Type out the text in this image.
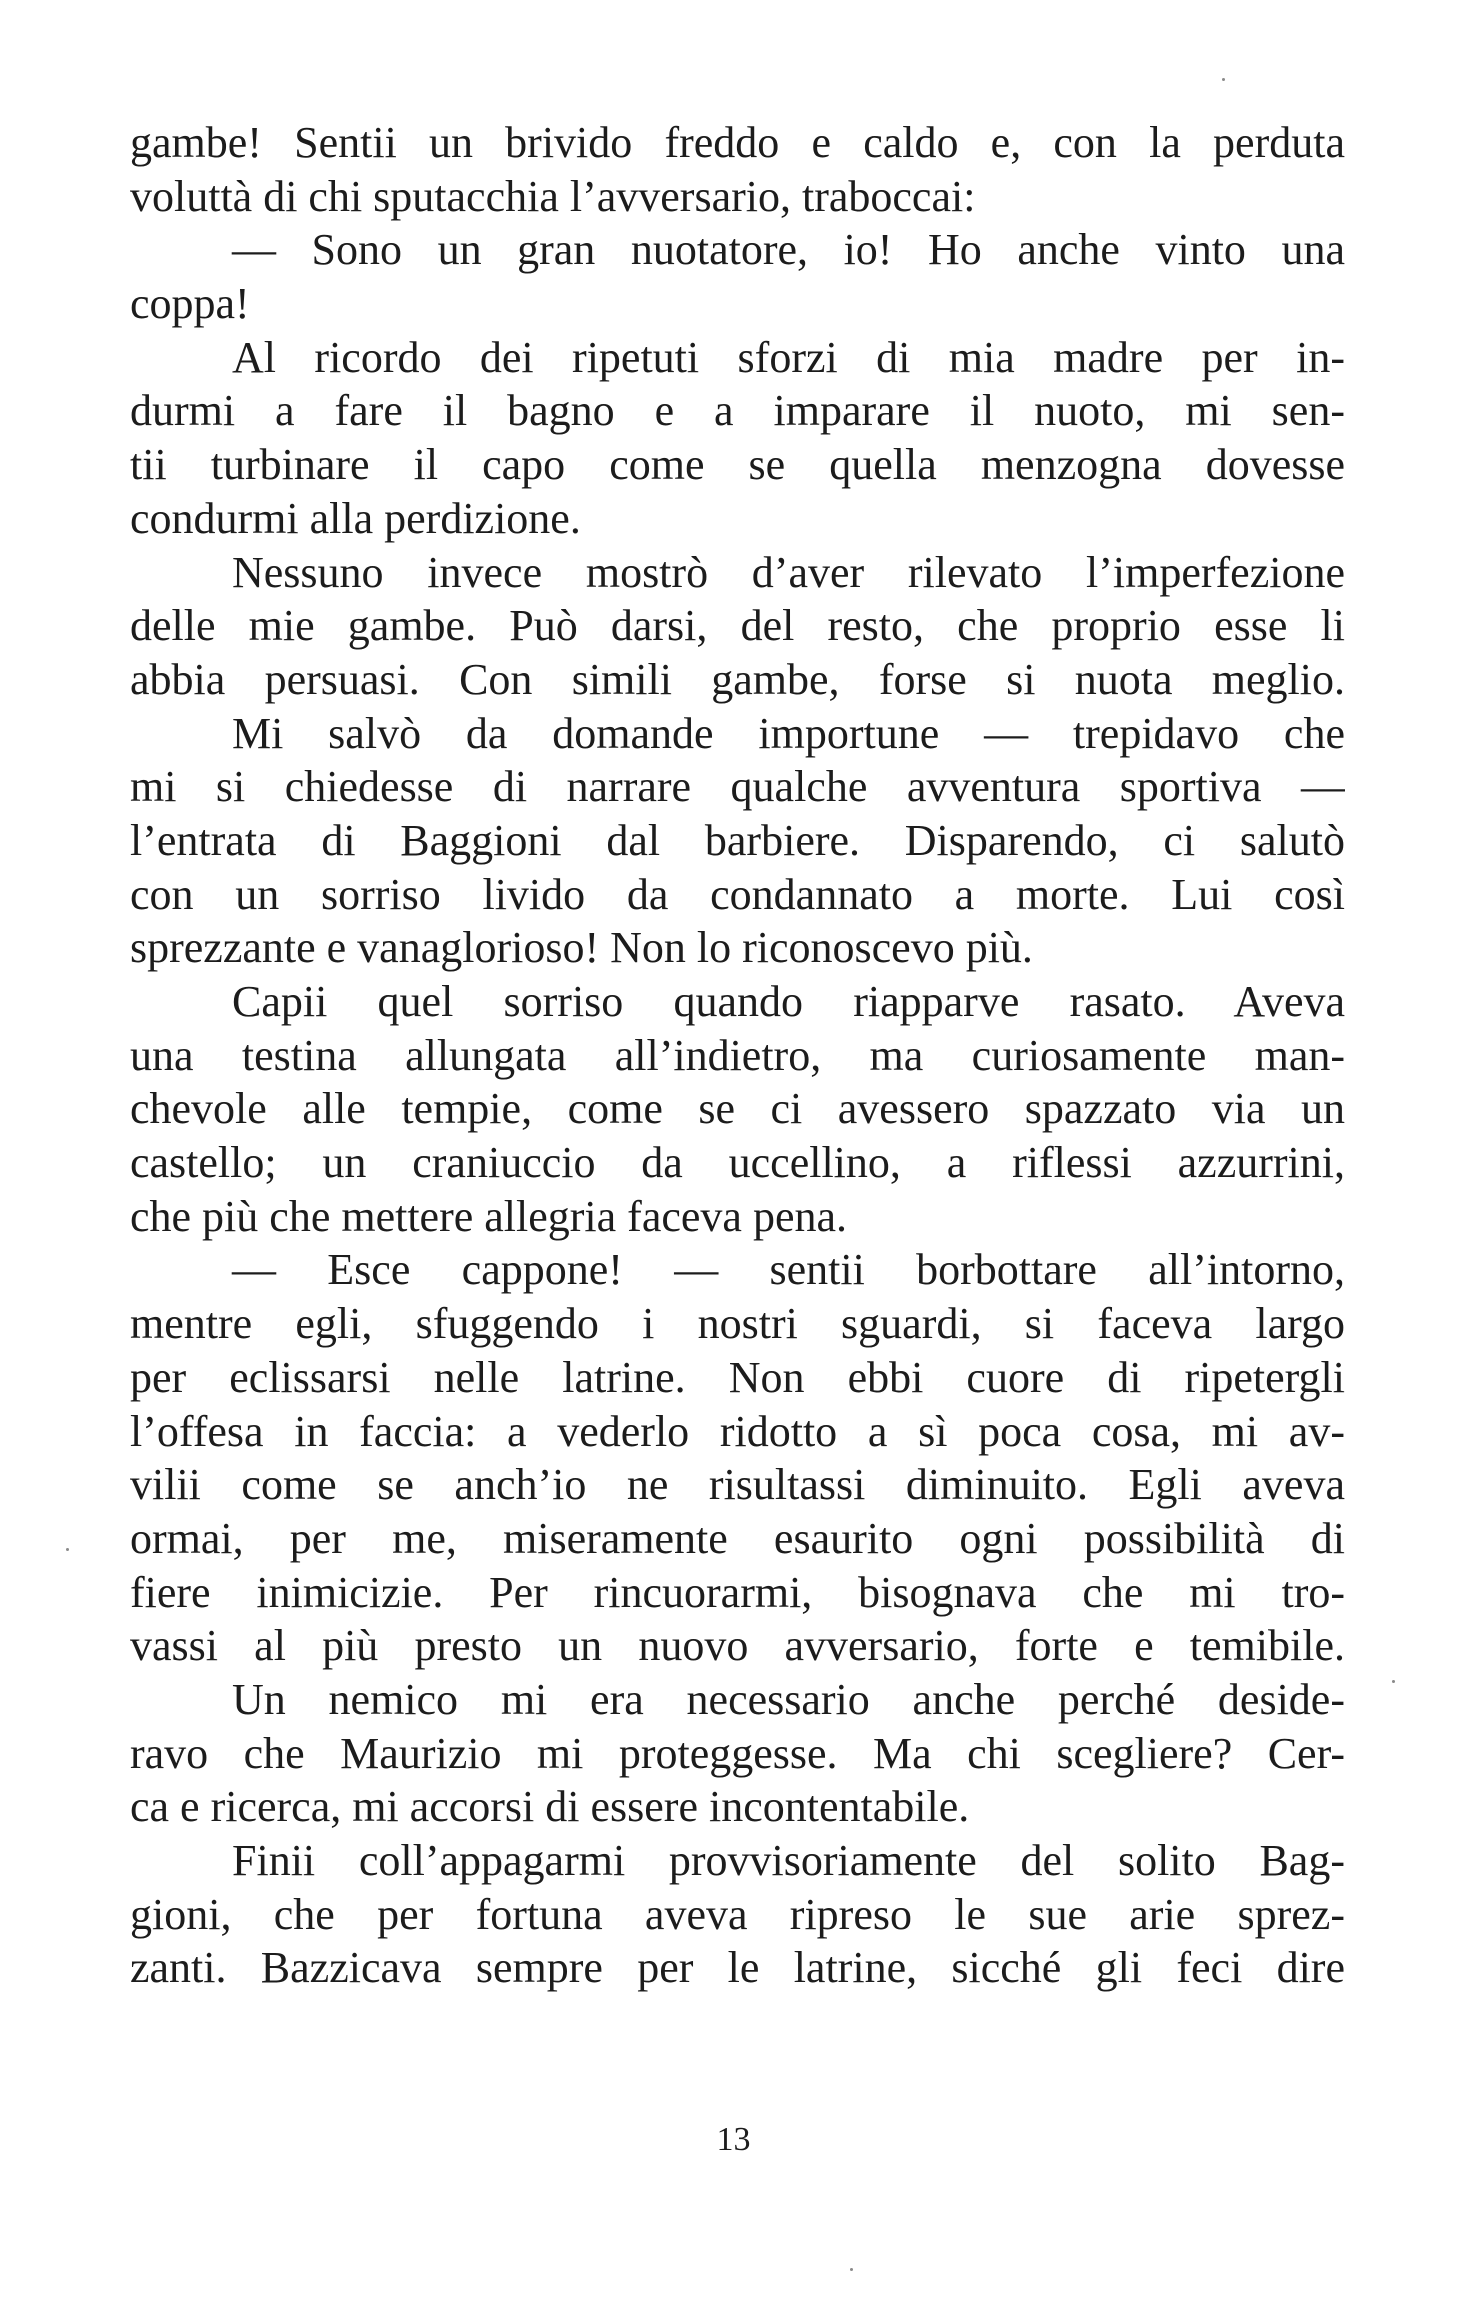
gambe! Sentii un brivido freddo e caldo e, con la perduta
voluttà di chi sputacchia l’avversario, traboccai:
— Sono un gran nuotatore, io! Ho anche vinto una
coppa!
Al ricordo dei ripetuti sforzi di mia madre per in-
durmi a fare il bagno e a imparare il nuoto, mi sen-
tii turbinare il capo come se quella menzogna dovesse
condurmi alla perdizione.
Nessuno invece mostrò d’aver rilevato l’imperfezione
delle mie gambe. Può darsi, del resto, che proprio esse li
abbia persuasi. Con simili gambe, forse si nuota meglio.
Mi salvò da domande importune — trepidavo che
mi si chiedesse di narrare qualche avventura sportiva —
l’entrata di Baggioni dal barbiere. Disparendo, ci salutò
con un sorriso livido da condannato a morte. Lui così
sprezzante e vanaglorioso! Non lo riconoscevo più.
Capii quel sorriso quando riapparve rasato. Aveva
una testina allungata all’indietro, ma curiosamente man-
chevole alle tempie, come se ci avessero spazzato via un
castello; un craniuccio da uccellino, a riflessi azzurrini,
che più che mettere allegria faceva pena.
— Esce cappone! — sentii borbottare all’intorno,
mentre egli, sfuggendo i nostri sguardi, si faceva largo
per eclissarsi nelle latrine. Non ebbi cuore di ripetergli
l’offesa in faccia: a vederlo ridotto a sì poca cosa, mi av-
vilii come se anch’io ne risultassi diminuito. Egli aveva
ormai, per me, miseramente esaurito ogni possibilità di
fiere inimicizie. Per rincuorarmi, bisognava che mi tro-
vassi al più presto un nuovo avversario, forte e temibile.
Un nemico mi era necessario anche perché deside-
ravo che Maurizio mi proteggesse. Ma chi scegliere? Cer-
ca e ricerca, mi accorsi di essere incontentabile.
Finii coll’appagarmi provvisoriamente del solito Bag-
gioni, che per fortuna aveva ripreso le sue arie sprez-
zanti. Bazzicava sempre per le latrine, sicché gli feci dire
13
